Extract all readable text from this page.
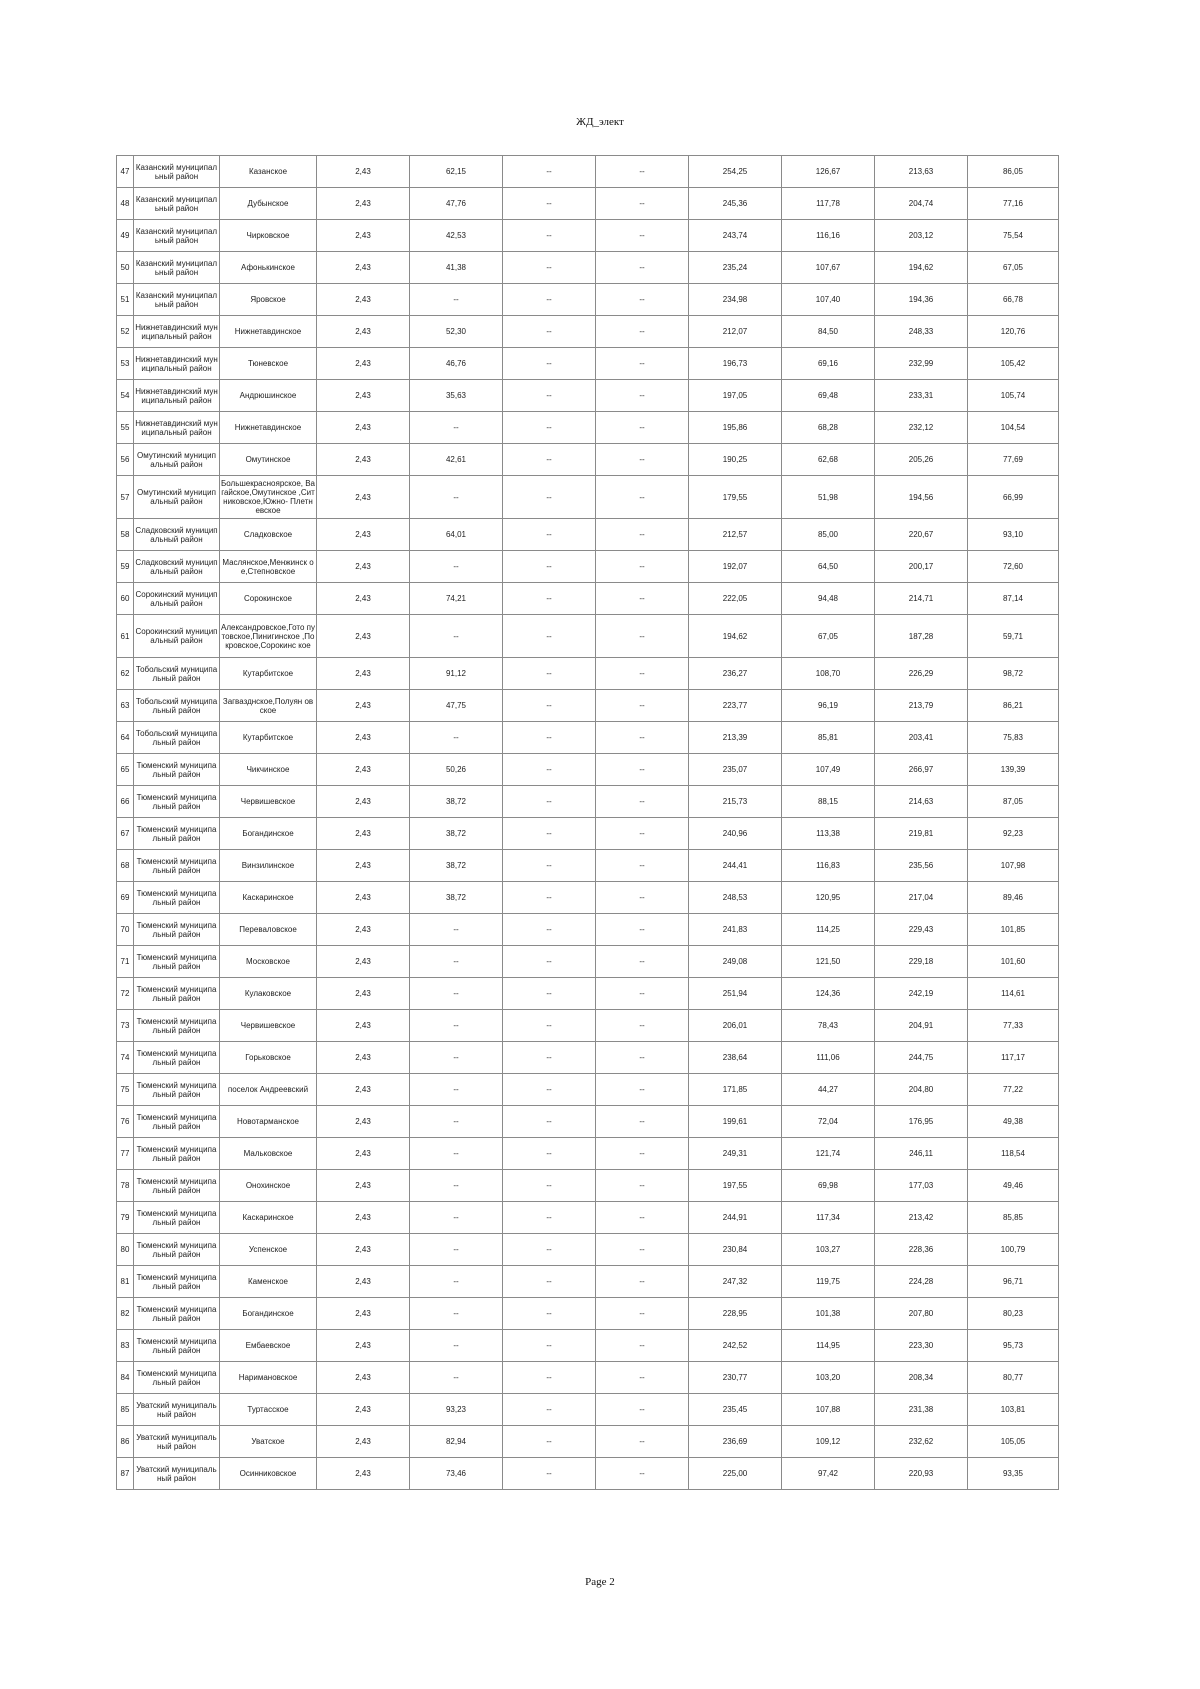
ЖД_элект
47	Казанский муниципальный район	Казанское	2,43	62,15	--	--	254,25	126,67	213,63	86,05
48	Казанский муниципальный район	Дубынское	2,43	47,76	--	--	245,36	117,78	204,74	77,16
49	Казанский муниципальный район	Чирковское	2,43	42,53	--	--	243,74	116,16	203,12	75,54
50	Казанский муниципальный район	Афонькинское	2,43	41,38	--	--	235,24	107,67	194,62	67,05
51	Казанский муниципальный район	Яровское	2,43	--	--	--	234,98	107,40	194,36	66,78
52	Нижнетавдинский муниципальный район	Нижнетавдинское	2,43	52,30	--	--	212,07	84,50	248,33	120,76
53	Нижнетавдинский муниципальный район	Тюневское	2,43	46,76	--	--	196,73	69,16	232,99	105,42
54	Нижнетавдинский муниципальный район	Андрюшинское	2,43	35,63	--	--	197,05	69,48	233,31	105,74
55	Нижнетавдинский муниципальный район	Нижнетавдинское	2,43	--	--	--	195,86	68,28	232,12	104,54
56	Омутинский муниципальный район	Омутинское	2,43	42,61	--	--	190,25	62,68	205,26	77,69
57	Омутинский муниципальный район	Большекрасноярское, Вагайское,Омутинское ,Ситниковское,Южно- Плетневское	2,43	--	--	--	179,55	51,98	194,56	66,99
58	Сладковский муниципальный район	Сладковское	2,43	64,01	--	--	212,57	85,00	220,67	93,10
59	Сладковский муниципальный район	Маслянское,Менжинск ое,Степновское	2,43	--	--	--	192,07	64,50	200,17	72,60
60	Сорокинский муниципальный район	Сорокинское	2,43	74,21	--	--	222,05	94,48	214,71	87,14
61	Сорокинский муниципальный район	Александровское,Гото путовское,Пинигинское ,Покровское,Сорокинс кое	2,43	--	--	--	194,62	67,05	187,28	59,71
62	Тобольский муниципальный район	Кутарбитское	2,43	91,12	--	--	236,27	108,70	226,29	98,72
63	Тобольский муниципальный район	Загвазднское,Полуян овское	2,43	47,75	--	--	223,77	96,19	213,79	86,21
64	Тобольский муниципальный район	Кутарбитское	2,43	--	--	--	213,39	85,81	203,41	75,83
65	Тюменский муниципальный район	Чикчинское	2,43	50,26	--	--	235,07	107,49	266,97	139,39
66	Тюменский муниципальный район	Червишевское	2,43	38,72	--	--	215,73	88,15	214,63	87,05
67	Тюменский муниципальный район	Богандинское	2,43	38,72	--	--	240,96	113,38	219,81	92,23
68	Тюменский муниципальный район	Винзилинское	2,43	38,72	--	--	244,41	116,83	235,56	107,98
69	Тюменский муниципальный район	Каскаринское	2,43	38,72	--	--	248,53	120,95	217,04	89,46
70	Тюменский муниципальный район	Переваловское	2,43	--	--	--	241,83	114,25	229,43	101,85
71	Тюменский муниципальный район	Московское	2,43	--	--	--	249,08	121,50	229,18	101,60
72	Тюменский муниципальный район	Кулаковское	2,43	--	--	--	251,94	124,36	242,19	114,61
73	Тюменский муниципальный район	Червишевское	2,43	--	--	--	206,01	78,43	204,91	77,33
74	Тюменский муниципальный район	Горьковское	2,43	--	--	--	238,64	111,06	244,75	117,17
75	Тюменский муниципальный район	поселок Андреевский	2,43	--	--	--	171,85	44,27	204,80	77,22
76	Тюменский муниципальный район	Новотарманское	2,43	--	--	--	199,61	72,04	176,95	49,38
77	Тюменский муниципальный район	Мальковское	2,43	--	--	--	249,31	121,74	246,11	118,54
78	Тюменский муниципальный район	Онохинское	2,43	--	--	--	197,55	69,98	177,03	49,46
79	Тюменский муниципальный район	Каскаринское	2,43	--	--	--	244,91	117,34	213,42	85,85
80	Тюменский муниципальный район	Успенское	2,43	--	--	--	230,84	103,27	228,36	100,79
81	Тюменский муниципальный район	Каменское	2,43	--	--	--	247,32	119,75	224,28	96,71
82	Тюменский муниципальный район	Богандинское	2,43	--	--	--	228,95	101,38	207,80	80,23
83	Тюменский муниципальный район	Ембаевское	2,43	--	--	--	242,52	114,95	223,30	95,73
84	Тюменский муниципальный район	Наримановское	2,43	--	--	--	230,77	103,20	208,34	80,77
85	Уватский муниципальный район	Туртасское	2,43	93,23	--	--	235,45	107,88	231,38	103,81
86	Уватский муниципальный район	Уватское	2,43	82,94	--	--	236,69	109,12	232,62	105,05
87	Уватский муниципальный район	Осинниковское	2,43	73,46	--	--	225,00	97,42	220,93	93,35
Page 2
